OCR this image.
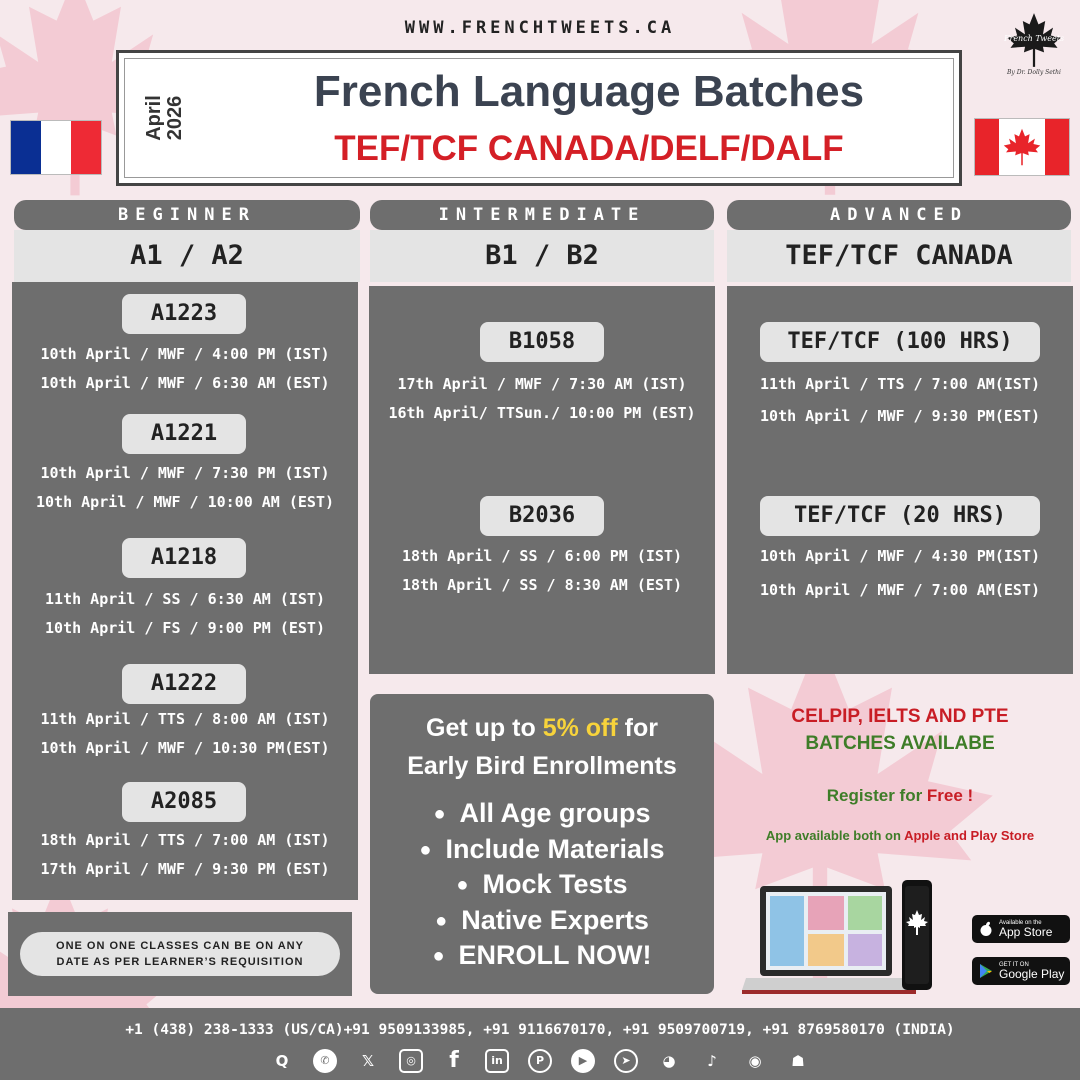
WWW.FRENCHTWEETS.CA
French Tweets
By Dr. Dolly Sethi
April 2026
French Language Batches
TEF/TCF CANADA/DELF/DALF
BEGINNER
A1 / A2
A1223
10th April / MWF / 4:00 PM (IST)
10th April / MWF / 6:30 AM (EST)
A1221
10th April / MWF / 7:30 PM (IST)
10th April / MWF / 10:00 AM (EST)
A1218
11th April / SS / 6:30 AM (IST)
10th April / FS / 9:00 PM (EST)
A1222
11th April / TTS / 8:00 AM (IST)
10th April / MWF / 10:30 PM(EST)
A2085
18th April / TTS / 7:00 AM (IST)
17th April / MWF / 9:30 PM (EST)
INTERMEDIATE
B1 / B2
B1058
17th April / MWF / 7:30 AM (IST)
16th April/ TTSun./ 10:00 PM (EST)
B2036
18th April / SS / 6:00 PM (IST)
18th April / SS / 8:30 AM (EST)
ADVANCED
TEF/TCF CANADA
TEF/TCF (100 HRS)
11th April / TTS / 7:00 AM(IST)
10th April / MWF / 9:30 PM(EST)
TEF/TCF (20 HRS)
10th April / MWF / 4:30 PM(IST)
10th April / MWF / 7:00 AM(EST)
ONE ON ONE CLASSES CAN BE ON ANY
DATE AS PER LEARNER’S REQUISITION
Get up to 5% off for
Early Bird Enrollments
● All Age groups
● Include Materials
● Mock Tests
● Native Experts
● ENROLL NOW!
CELPIP, IELTS AND PTE
BATCHES AVAILABE
Register for Free !
App available both on Apple and Play Store
Available on the
App Store
GET IT ON
Google Play
+1 (438) 238-1333 (US/CA)+91 9509133985, +91 9116670170, +91 9509700719, +91 8769580170 (INDIA)
Q	✆	𝕏	◎	f	in	P	▶	➤	◕	♪	◉	☗
